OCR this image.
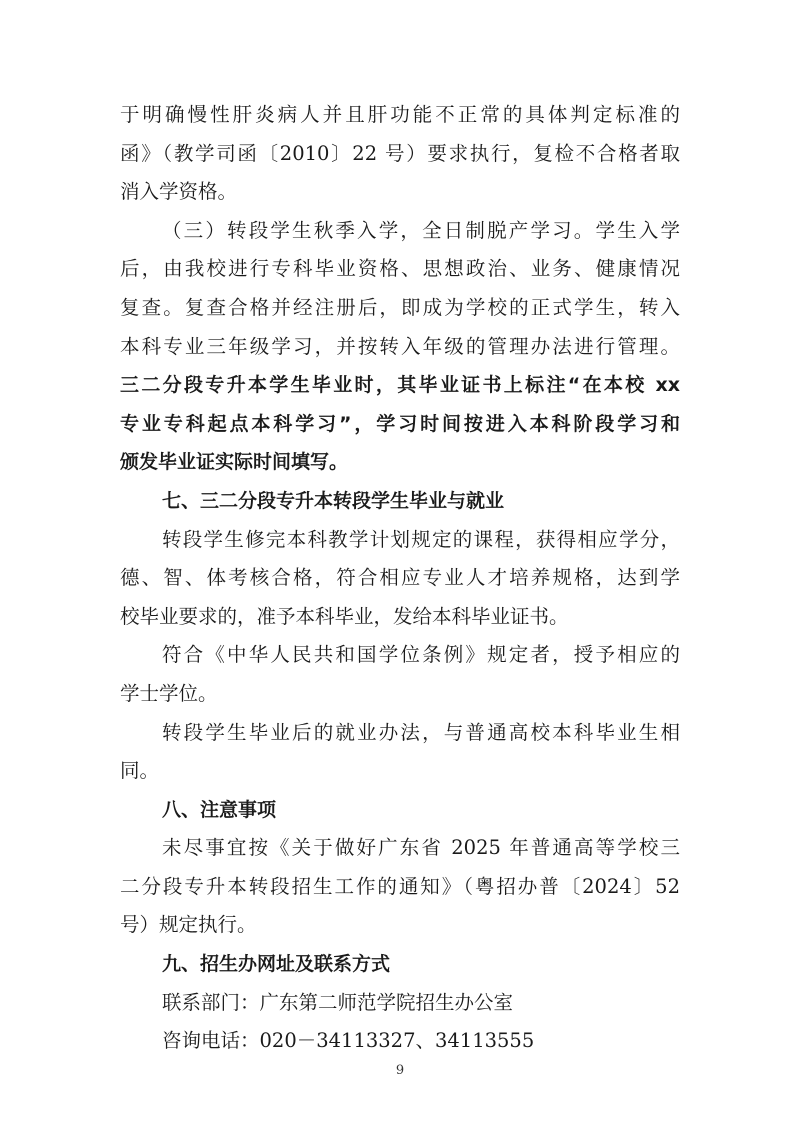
于明确慢性肝炎病人并且肝功能不正常的具体判定标准的
函》（教学司函〔2010〕22 号）要求执行，复检不合格者取
消入学资格。
（三）转段学生秋季入学，全日制脱产学习。学生入学
后，由我校进行专科毕业资格、思想政治、业务、健康情况
复查。复查合格并经注册后，即成为学校的正式学生，转入
本科专业三年级学习，并按转入年级的管理办法进行管理。
三二分段专升本学生毕业时，其毕业证书上标注“在本校 xx
专业专科起点本科学习”，学习时间按进入本科阶段学习和
颁发毕业证实际时间填写。
七、三二分段专升本转段学生毕业与就业
转段学生修完本科教学计划规定的课程，获得相应学分，
德、智、体考核合格，符合相应专业人才培养规格，达到学
校毕业要求的，准予本科毕业，发给本科毕业证书。
符合《中华人民共和国学位条例》规定者，授予相应的
学士学位。
转段学生毕业后的就业办法，与普通高校本科毕业生相
同。
八、注意事项
未尽事宜按《关于做好广东省 2025 年普通高等学校三
二分段专升本转段招生工作的通知》（粤招办普〔2024〕52
号）规定执行。
九、招生办网址及联系方式
联系部门：广东第二师范学院招生办公室
咨询电话：020－34113327、34113555
9
